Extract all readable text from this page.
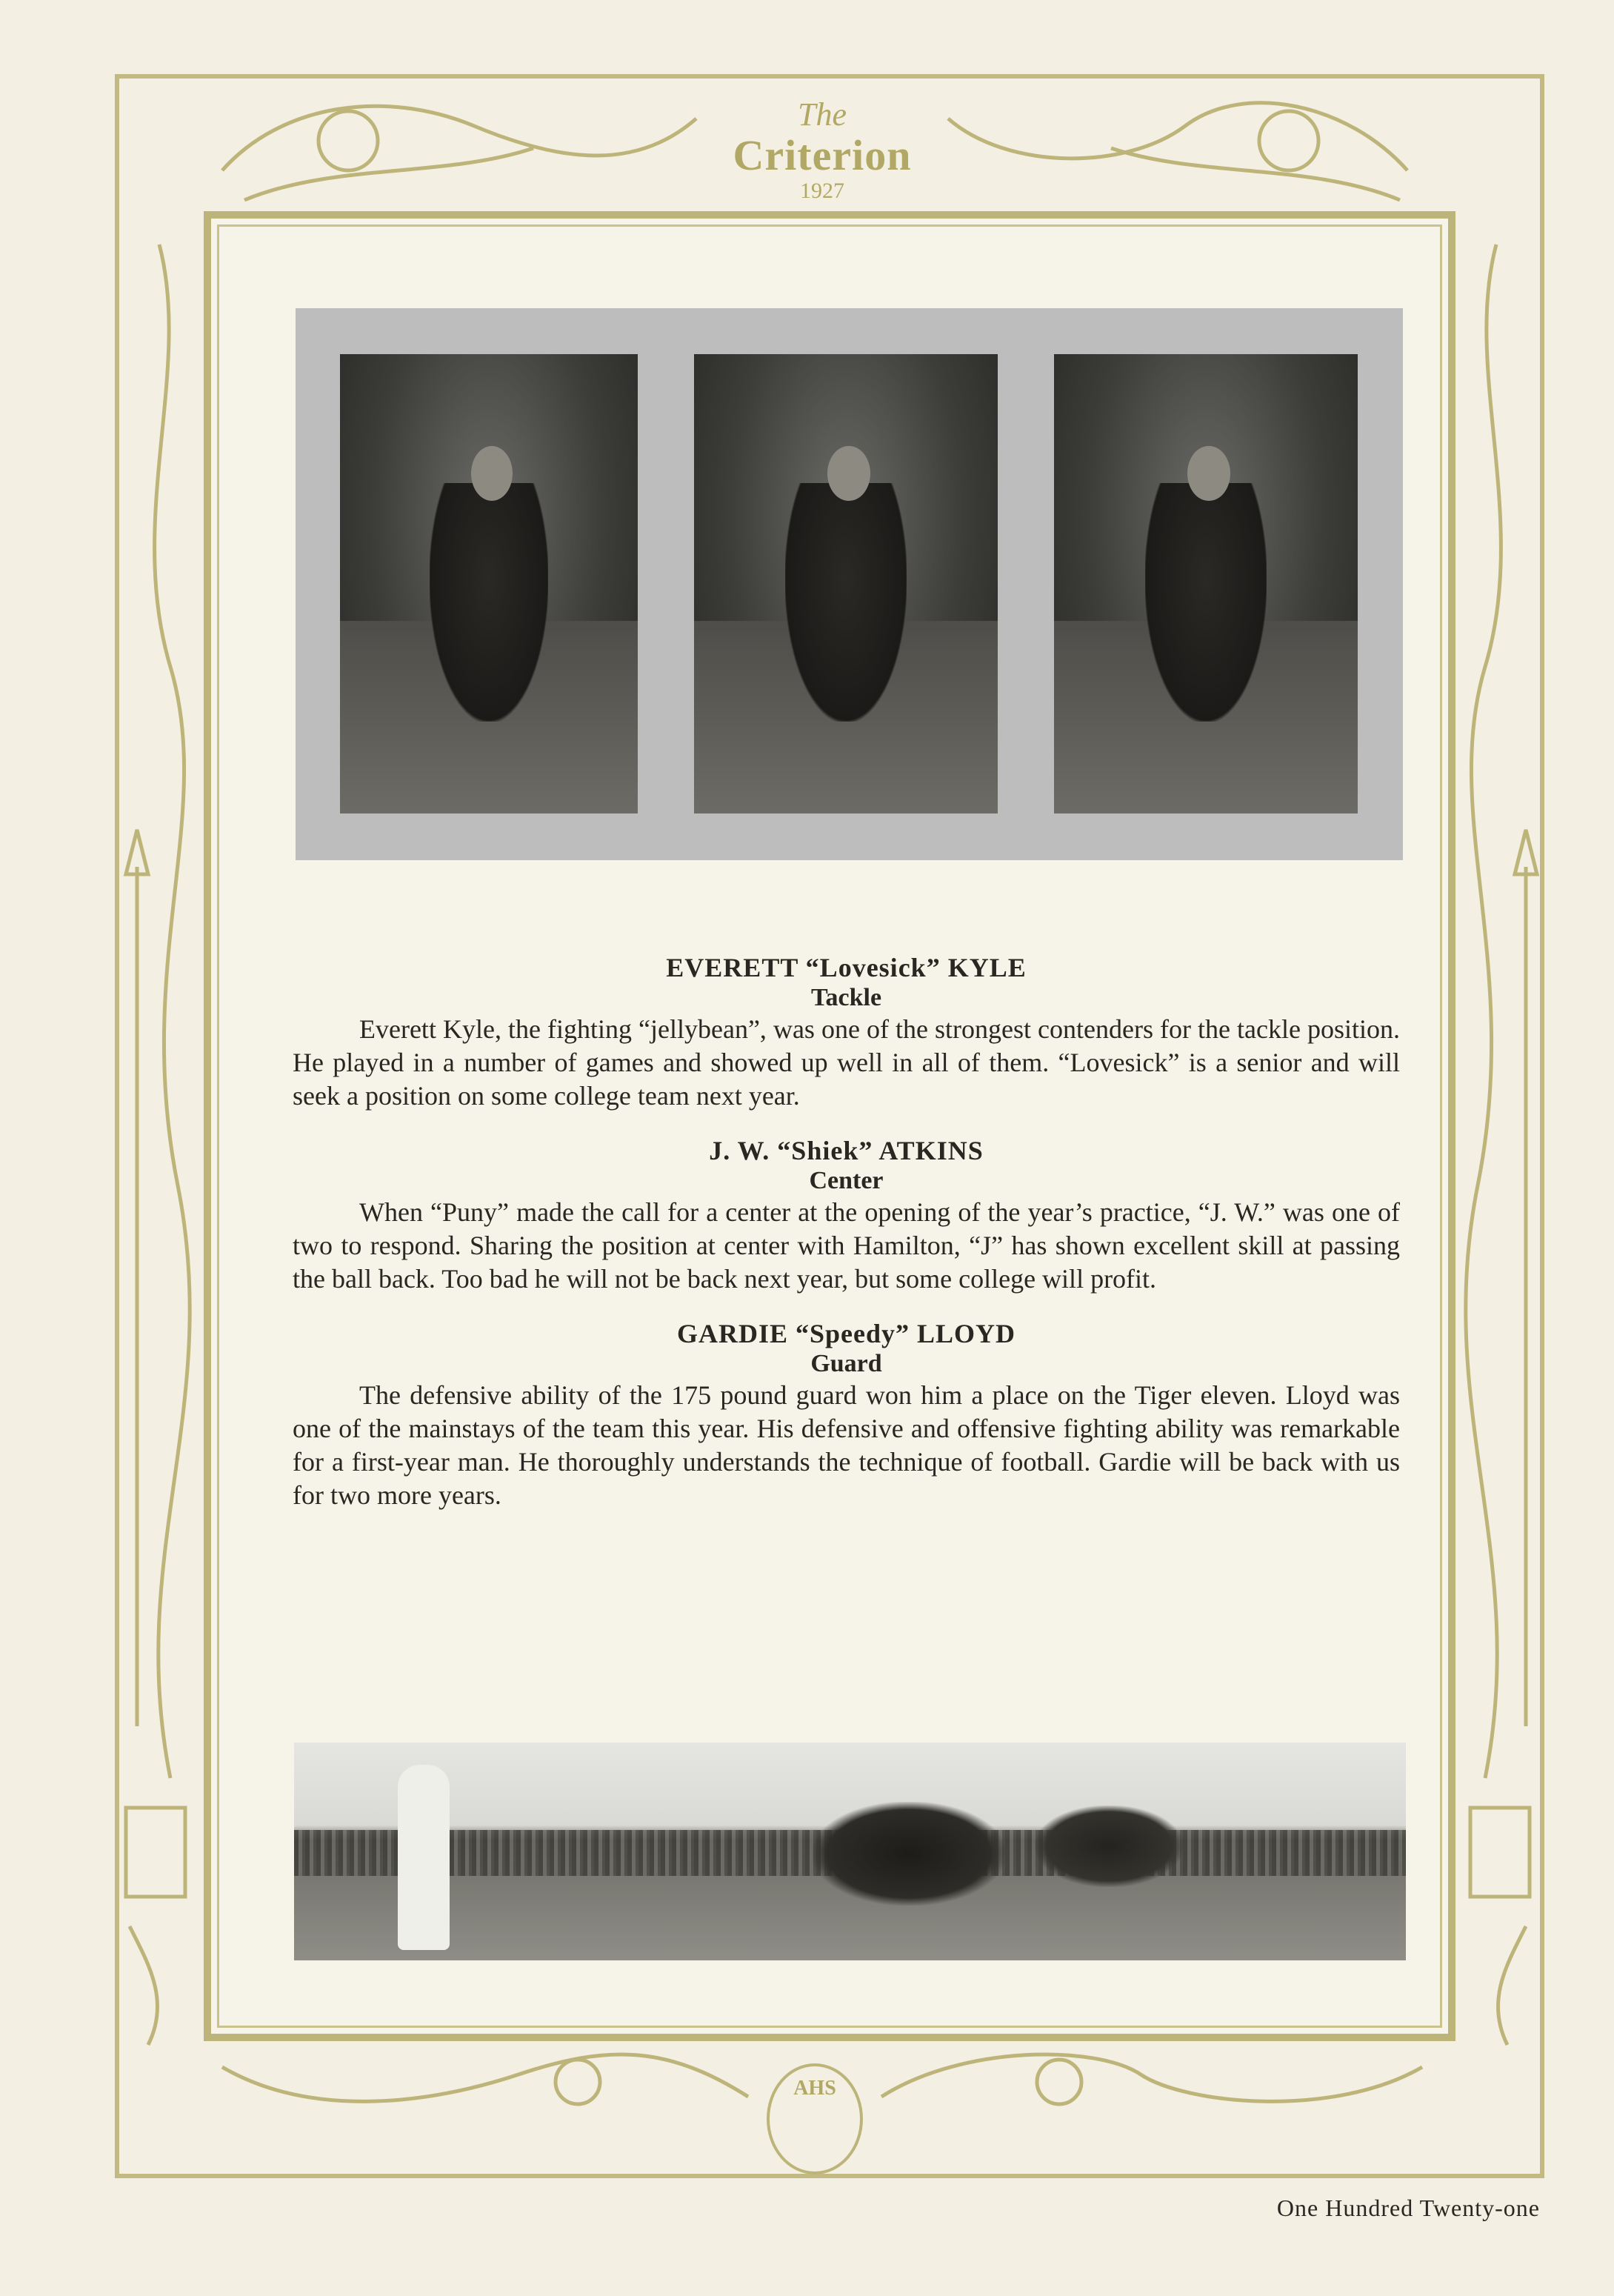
The
Criterion
1927
EVERETT “Lovesick” KYLE
Tackle

Everett Kyle, the fighting “jellybean”, was one of the strongest contenders for the tackle position. He played in a number of games and showed up well in all of them. “Lovesick” is a senior and will seek a position on some college team next year.

J. W. “Shiek” ATKINS
Center

When “Puny” made the call for a center at the opening of the year’s practice, “J. W.” was one of two to respond. Sharing the position at center with Hamilton, “J” has shown excellent skill at passing the ball back. Too bad he will not be back next year, but some college will profit.

GARDIE “Speedy” LLOYD
Guard

The defensive ability of the 175 pound guard won him a place on the Tiger eleven. Lloyd was one of the mainstays of the team this year. His defensive and offensive fighting ability was remarkable for a first-year man. He thoroughly understands the technique of football. Gardie will be back with us for two more years.

AHS
One Hundred Twenty-one
